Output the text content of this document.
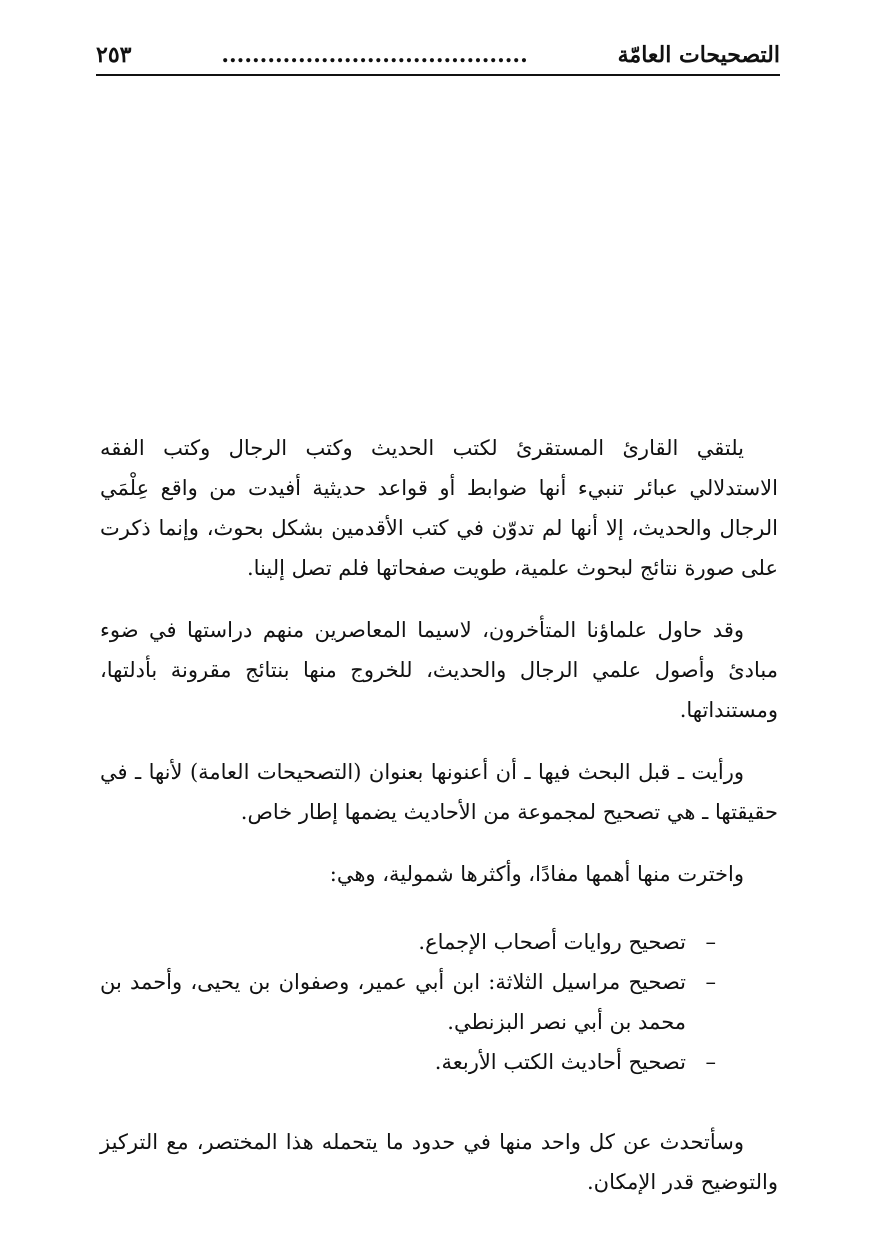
التصحيحات العامّة
........................................
٢٥٣

يلتقي القارئ المستقرئ لكتب الحديث وكتب الرجال وكتب الفقه الاستدلالي عبائر تنبيء أنها ضوابط أو قواعد حديثية أفيدت من واقع عِلْمَي الرجال والحديث، إلا أنها لم تدوّن في كتب الأقدمين بشكل بحوث، وإنما ذكرت على صورة نتائج لبحوث علمية، طويت صفحاتها فلم تصل إلينا.

وقد حاول علماؤنا المتأخرون، لاسيما المعاصرين منهم دراستها في ضوء مبادئ وأصول علمي الرجال والحديث، للخروج منها بنتائج مقرونة بأدلتها، ومستنداتها.

ورأيت ـ قبل البحث فيها ـ أن أعنونها بعنوان (التصحيحات العامة) لأنها ـ في حقيقتها ـ هي تصحيح لمجموعة من الأحاديث يضمها إطار خاص.

واخترت منها أهمها مفادًا، وأكثرها شمولية، وهي:

–
تصحيح روايات أصحاب الإجماع.
–
تصحيح مراسيل الثلاثة: ابن أبي عمير، وصفوان بن يحيى، وأحمد بن محمد بن أبي نصر البزنطي.
–
تصحيح أحاديث الكتب الأربعة.

وسأتحدث عن كل واحد منها في حدود ما يتحمله هذا المختصر، مع التركيز والتوضيح قدر الإمكان.
